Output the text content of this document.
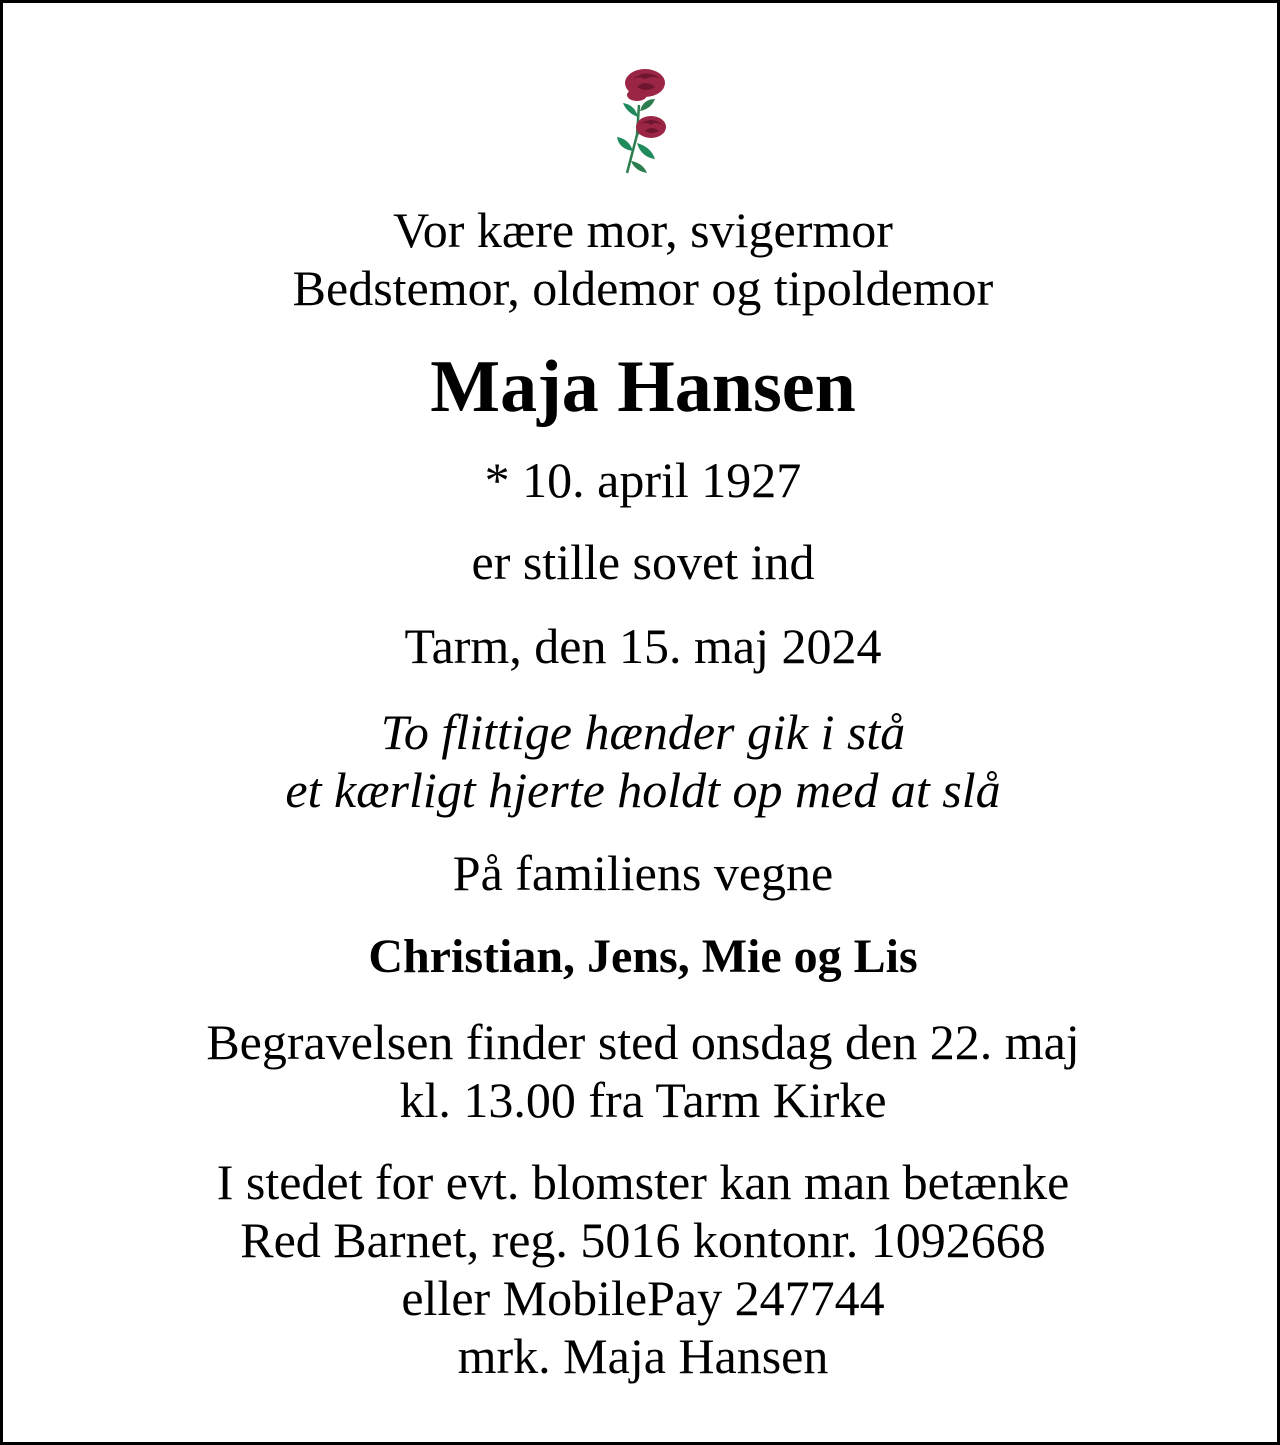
Vor kære mor, svigermor
Bedstemor, oldemor og tipoldemor
Maja Hansen
* 10. april 1927
er stille sovet ind
Tarm, den 15. maj 2024
To flittige hænder gik i stå
et kærligt hjerte holdt op med at slå
På familiens vegne
Christian, Jens, Mie og Lis
Begravelsen finder sted onsdag den 22. maj
kl. 13.00 fra Tarm Kirke
I stedet for evt. blomster kan man betænke
Red Barnet, reg. 5016 kontonr. 1092668
eller MobilePay 247744
mrk. Maja Hansen
